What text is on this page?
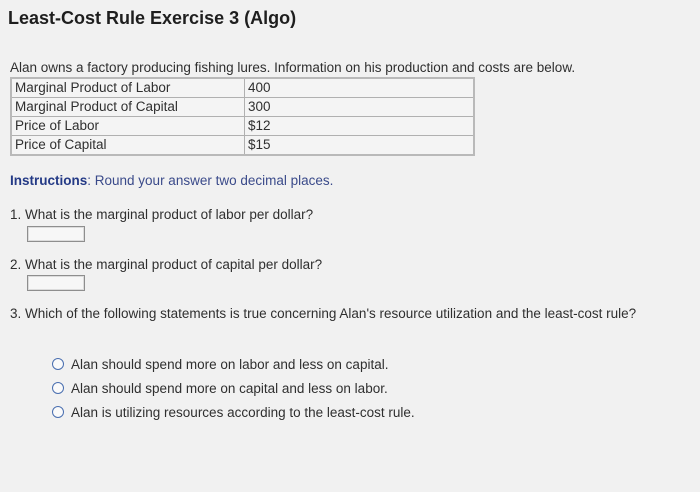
Least-Cost Rule Exercise 3 (Algo)
Alan owns a factory producing fishing lures. Information on his production and costs are below.
Marginal Product of Labor	400
Marginal Product of Capital	300
Price of Labor	$12
Price of Capital	$15
Instructions: Round your answer two decimal places.
1. What is the marginal product of labor per dollar?
2. What is the marginal product of capital per dollar?
3. Which of the following statements is true concerning Alan's resource utilization and the least-cost rule?
Alan should spend more on labor and less on capital.
Alan should spend more on capital and less on labor.
Alan is utilizing resources according to the least-cost rule.
